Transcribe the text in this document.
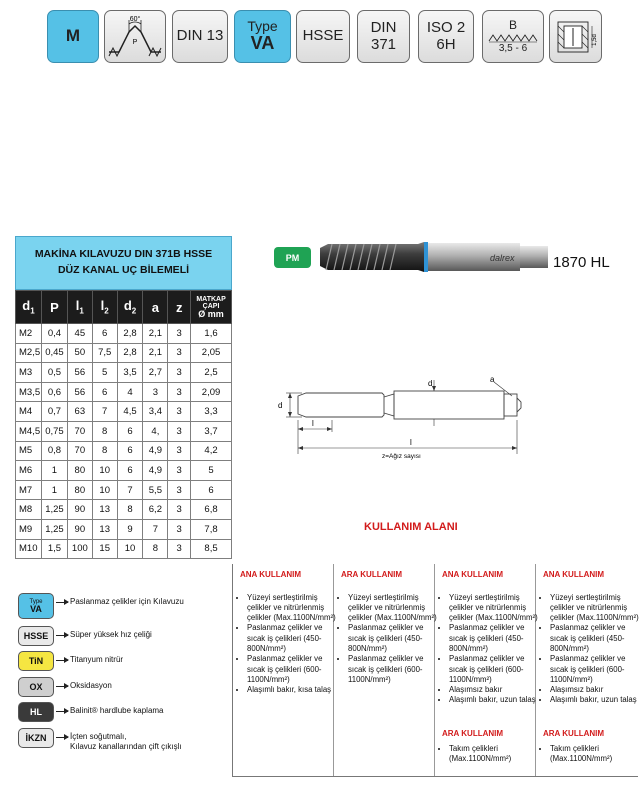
M
60°
P	DIN 13
Type
VA HSSE DIN
371
ISO 2
6H
B
3,5 - 6
1,5d
MAKİNA KILAVUZU DIN 371B HSSE
DÜZ KANAL UÇ BİLEMELİ
$d_1$	P	$l_1$	$l_2$	$d_2$	a	z	MATKAP ÇAPI
Ø mm

M2	0,4	45	6	2,8	2,1	3	1,6
M2,5	0,45	50	7,5	2,8	2,1	3	2,05
M3	0,5	56	5	3,5	2,7	3	2,5
M3,5	0,6	56	6	4	3	3	2,09
M4	0,7	63	7	4,5	3,4	3	3,3
M4,5	0,75	70	8	6	4,	3	3,7
M5	0,8	70	8	6	4,9	3	4,2
M6	1	80	10	6	4,9	3	5
M7	1	80	10	7	5,5	3	6
M8	1,25	90	13	8	6,2	3	6,8
M9	1,25	90	13	9	7	3	7,8
M10	1,5	100	15	10	8	3	8,5
Type
VA
Paslanmaz çelikler için Kılavuzu
HSSE	Süper yüksek hız çeliği
TiN	Titanyum nitrür
OX	Oksidasyon
HL	Balinit® hardlube kaplama
İKZN	İçten soğutmalı,
Kılavuz kanallarından çift çıkışlı
PM	dalrex	1870 HL
d
d	a
l
l
z=Ağız sayısı
KULLANIM ALANI
ANA KULLANIM
• Yüzeyi sertleştirilmiş çelikler ve nitrürlenmiş çelikler (Max.1100N/mm²)
• Paslanmaz çelikler ve sıcak iş çelikleri (450-800N/mm²)
• Paslanmaz çelikler ve sıcak iş çelikleri (600-1100N/mm²)
• Alaşımlı bakır, kısa talaş
ARA KULLANIM
• Yüzeyi sertleştirilmiş çelikler ve nitrürlenmiş çelikler (Max.1100N/mm²)
• Paslanmaz çelikler ve sıcak iş çelikleri (450-800N/mm²)
• Paslanmaz çelikler ve sıcak iş çelikleri (600-1100N/mm²)
ANA KULLANIM
• Yüzeyi sertleştirilmiş çelikler ve nitrürlenmiş çelikler (Max.1100N/mm²)
• Paslanmaz çelikler ve sıcak iş çelikleri (450-800N/mm²)
• Paslanmaz çelikler ve sıcak iş çelikleri (600-1100N/mm²)
• Alaşımsız bakır
• Alaşımlı bakır, uzun talaş
ARA KULLANIM
• Takım çelikleri (Max.1100N/mm²)
ANA KULLANIM
• Yüzeyi sertleştirilmiş çelikler ve nitrürlenmiş çelikler (Max.1100N/mm²)
• Paslanmaz çelikler ve sıcak iş çelikleri (450-800N/mm²)
• Paslanmaz çelikler ve sıcak iş çelikleri (600-1100N/mm²)
• Alaşımsız bakır
• Alaşımlı bakır, uzun talaş
ARA KULLANIM
• Takım çelikleri (Max.1100N/mm²)
